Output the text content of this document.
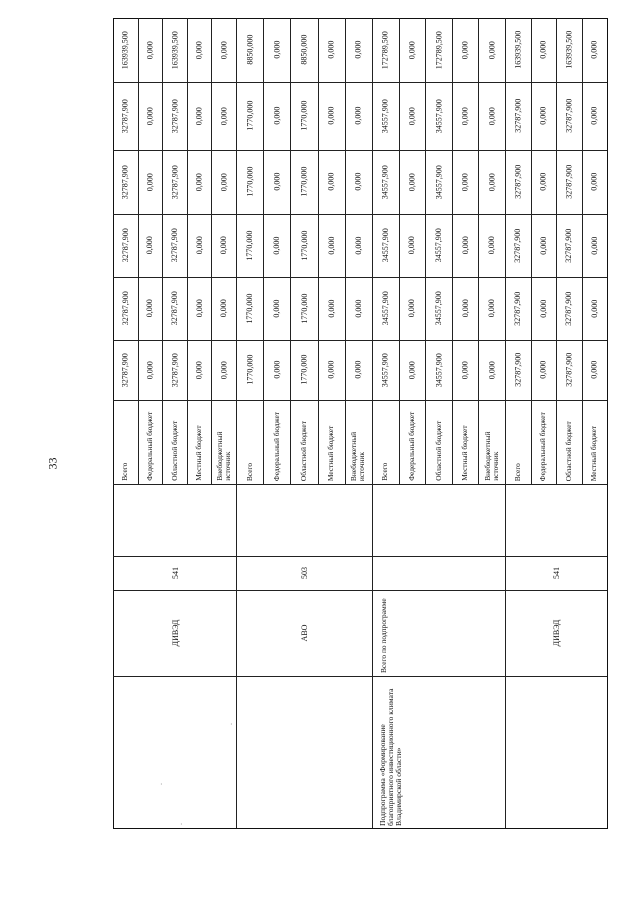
33	Всего
32787,900
32787,900
32787,900
32787,900
32787,900
163939,500
Федеральный бюджет
0,000
0,000
0,000
0,000
0,000
0,000
Областной бюджет
32787,900
32787,900
32787,900
32787,900
32787,900
163939,500
Местный бюджет
0,000
0,000
0,000
0,000
0,000
0,000
Внебюджетный источник
0,000
0,000
0,000
0,000
0,000
0,000
Всего
1770,000
1770,000
1770,000
1770,000
1770,000
8850,000
Федеральный бюджет
0,000
0,000
0,000
0,000
0,000
0,000
Областной бюджет
1770,000
1770,000
1770,000
1770,000
1770,000
8850,000
Местный бюджет
0,000
0,000
0,000
0,000
0,000
0,000
Внебюджетный источник
0,000
0,000
0,000
0,000
0,000
0,000
Всего
34557,900
34557,900
34557,900
34557,900
34557,900
172789,500
Федеральный бюджет
0,000
0,000
0,000
0,000
0,000
0,000
Областной бюджет
34557,900
34557,900
34557,900
34557,900
34557,900
172789,500
Местный бюджет
0,000
0,000
0,000
0,000
0,000
0,000
Внебюджетный источник
0,000
0,000
0,000
0,000
0,000
0,000
Всего
32787,900
32787,900
32787,900
32787,900
32787,900
163939,500
Федеральный бюджет
0,000
0,000
0,000
0,000
0,000
0,000
Областной бюджет
32787,900
32787,900
32787,900
32787,900
32787,900
163939,500
Местный бюджет
0,000
0,000
0,000
0,000
0,000
0,000
ДИВЭД
541
АВО
503
ДИВЭД
541
Всего по подпрограмме
Подпрограмма «Формирование благоприятного инвестиционного климата Владимирской области»
·
·
·
